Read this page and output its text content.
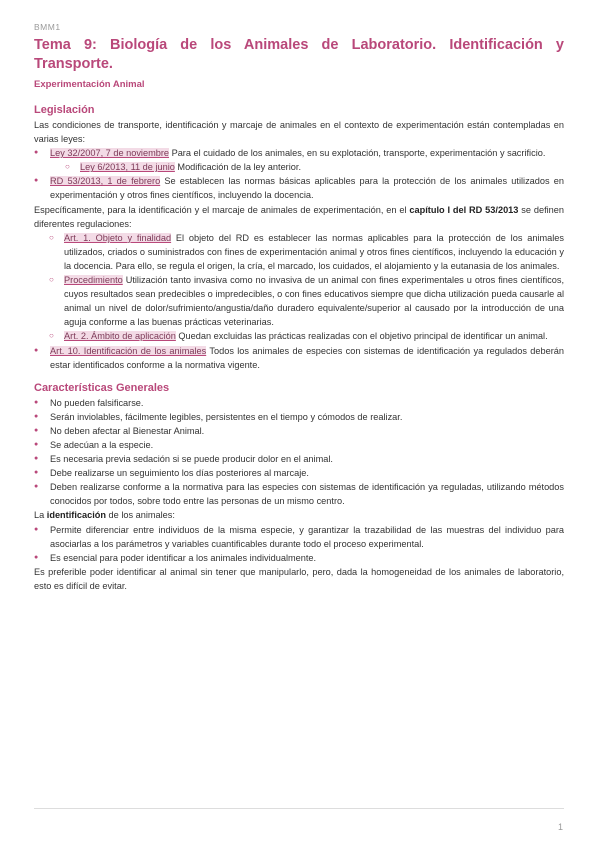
BMM1
Tema 9: Biología de los Animales de Laboratorio. Identificación y Transporte.
Experimentación Animal
Legislación

Las condiciones de transporte, identificación y marcaje de animales en el contexto de experimentación están contempladas en varias leyes:

● Ley 32/2007, 7 de noviembre Para el cuidado de los animales, en su explotación, transporte, experimentación y sacrificio.
○ Ley 6/2013, 11 de junio Modificación de la ley anterior.
● RD 53/2013, 1 de febrero Se establecen las normas básicas aplicables para la protección de los animales utilizados en experimentación y otros fines científicos, incluyendo la docencia.

Específicamente, para la identificación y el marcaje de animales de experimentación, en el capítulo I del RD 53/2013 se definen diferentes regulaciones:

○ Art. 1. Objeto y finalidad El objeto del RD es establecer las normas aplicables para la protección de los animales utilizados, criados o suministrados con fines de experimentación animal y otros fines científicos, incluyendo la educación y la docencia. Para ello, se regula el origen, la cría, el marcado, los cuidados, el alojamiento y la eutanasia de los animales.
○ Procedimiento Utilización tanto invasiva como no invasiva de un animal con fines experimentales u otros fines científicos, cuyos resultados sean predecibles o impredecibles, o con fines educativos siempre que dicha utilización pueda causarle al animal un nivel de dolor/sufrimiento/angustia/daño duradero equivalente/superior al causado por la introducción de una aguja conforme a las buenas prácticas veterinarias.
○ Art. 2. Ámbito de aplicación Quedan excluidas las prácticas realizadas con el objetivo principal de identificar un animal.
● Art. 10. Identificación de los animales Todos los animales de especies con sistemas de identificación ya regulados deberán estar identificados conforme a la normativa vigente.
Características Generales
● No pueden falsificarse.
● Serán inviolables, fácilmente legibles, persistentes en el tiempo y cómodos de realizar.
● No deben afectar al Bienestar Animal.
● Se adecúan a la especie.
● Es necesaria previa sedación si se puede producir dolor en el animal.
● Debe realizarse un seguimiento los días posteriores al marcaje.
● Deben realizarse conforme a la normativa para las especies con sistemas de identificación ya reguladas, utilizando métodos conocidos por todos, sobre todo entre las personas de un mismo centro.

La identificación de los animales:

● Permite diferenciar entre individuos de la misma especie, y garantizar la trazabilidad de las muestras del individuo para asociarlas a los parámetros y variables cuantificables durante todo el proceso experimental.
● Es esencial para poder identificar a los animales individualmente.

Es preferible poder identificar al animal sin tener que manipularlo, pero, dada la homogeneidad de los animales de laboratorio, esto es difícil de evitar.

1
